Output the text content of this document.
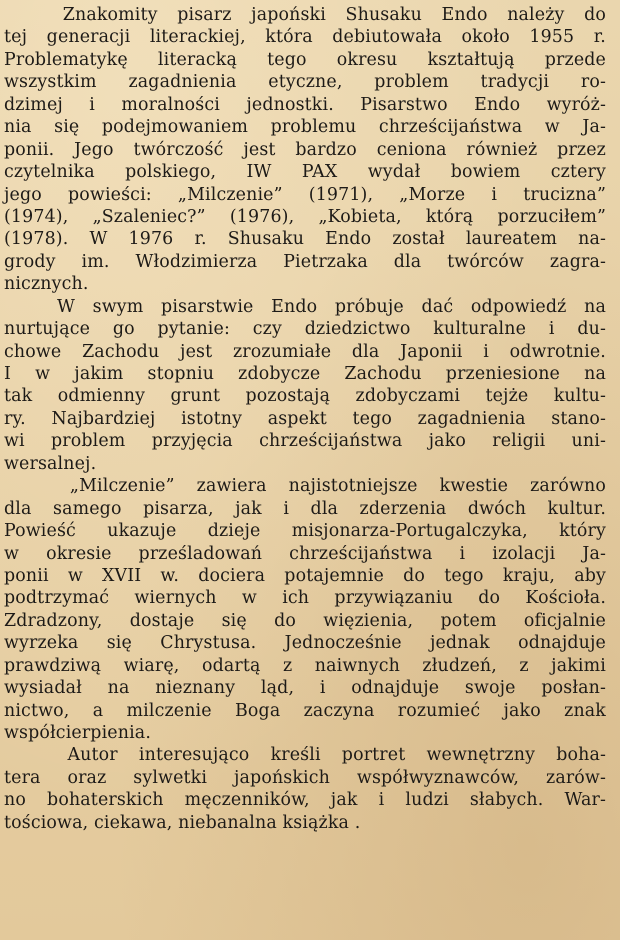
Znakomity pisarz japoński Shusaku Endo należy do
tej generacji literackiej, która debiutowała około 1955 r.
Problematykę literacką tego okresu kształtują przede
wszystkim zagadnienia etyczne, problem tradycji ro-
dzimej i moralności jednostki. Pisarstwo Endo wyróż-
nia się podejmowaniem problemu chrześcijaństwa w Ja-
ponii. Jego twórczość jest bardzo ceniona również przez
czytelnika polskiego, IW PAX wydał bowiem cztery
jego powieści: „Milczenie” (1971), „Morze i trucizna”
(1974), „Szaleniec?” (1976), „Kobieta, którą porzuciłem”
(1978). W 1976 r. Shusaku Endo został laureatem na-
grody im. Włodzimierza Pietrzaka dla twórców zagra-
nicznych.
W swym pisarstwie Endo próbuje dać odpowiedź na
nurtujące go pytanie: czy dziedzictwo kulturalne i du-
chowe Zachodu jest zrozumiałe dla Japonii i odwrotnie.
I w jakim stopniu zdobycze Zachodu przeniesione na
tak odmienny grunt pozostają zdobyczami tejże kultu-
ry. Najbardziej istotny aspekt tego zagadnienia stano-
wi problem przyjęcia chrześcijaństwa jako religii uni-
wersalnej.
„Milczenie” zawiera najistotniejsze kwestie zarówno
dla samego pisarza, jak i dla zderzenia dwóch kultur.
Powieść ukazuje dzieje misjonarza-Portugalczyka, który
w okresie prześladowań chrześcijaństwa i izolacji Ja-
ponii w XVII w. dociera potajemnie do tego kraju, aby
podtrzymać wiernych w ich przywiązaniu do Kościoła.
Zdradzony, dostaje się do więzienia, potem oficjalnie
wyrzeka się Chrystusa. Jednocześnie jednak odnajduje
prawdziwą wiarę, odartą z naiwnych złudzeń, z jakimi
wysiadał na nieznany ląd, i odnajduje swoje posłan-
nictwo, a milczenie Boga zaczyna rozumieć jako znak
współcierpienia.
Autor interesująco kreśli portret wewnętrzny boha-
tera oraz sylwetki japońskich współwyznawców, zarów-
no bohaterskich męczenników, jak i ludzi słabych. War-
tościowa, ciekawa, niebanalna książka .
